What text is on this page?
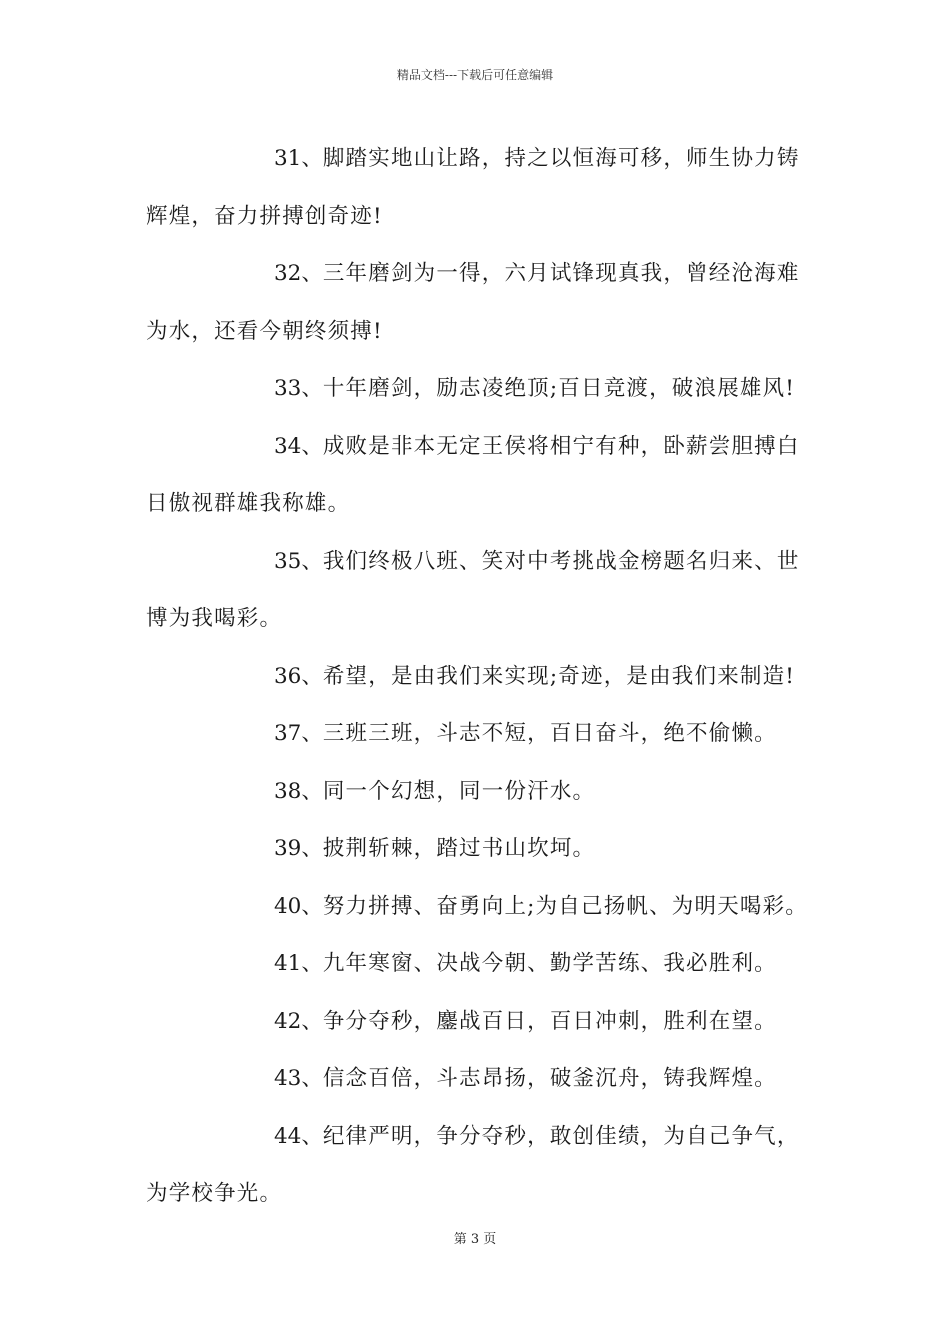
精品文档---下载后可任意编辑

31、脚踏实地山让路，持之以恒海可移，师生协力铸辉煌，奋力拼搏创奇迹!

32、三年磨剑为一得，六月试锋现真我，曾经沧海难为水，还看今朝终须搏!

33、十年磨剑，励志凌绝顶;百日竞渡，破浪展雄风!

34、成败是非本无定王侯将相宁有种，卧薪尝胆搏白日傲视群雄我称雄。

35、我们终极八班、笑对中考挑战金榜题名归来、世博为我喝彩。

36、希望，是由我们来实现;奇迹，是由我们来制造!

37、三班三班，斗志不短，百日奋斗，绝不偷懒。

38、同一个幻想，同一份汗水。

39、披荆斩棘，踏过书山坎坷。

40、努力拼搏、奋勇向上;为自己扬帆、为明天喝彩。

41、九年寒窗、决战今朝、勤学苦练、我必胜利。

42、争分夺秒，鏖战百日，百日冲刺，胜利在望。

43、信念百倍，斗志昂扬，破釜沉舟，铸我辉煌。

44、纪律严明，争分夺秒，敢创佳绩，为自己争气，为学校争光。

第 3 页
